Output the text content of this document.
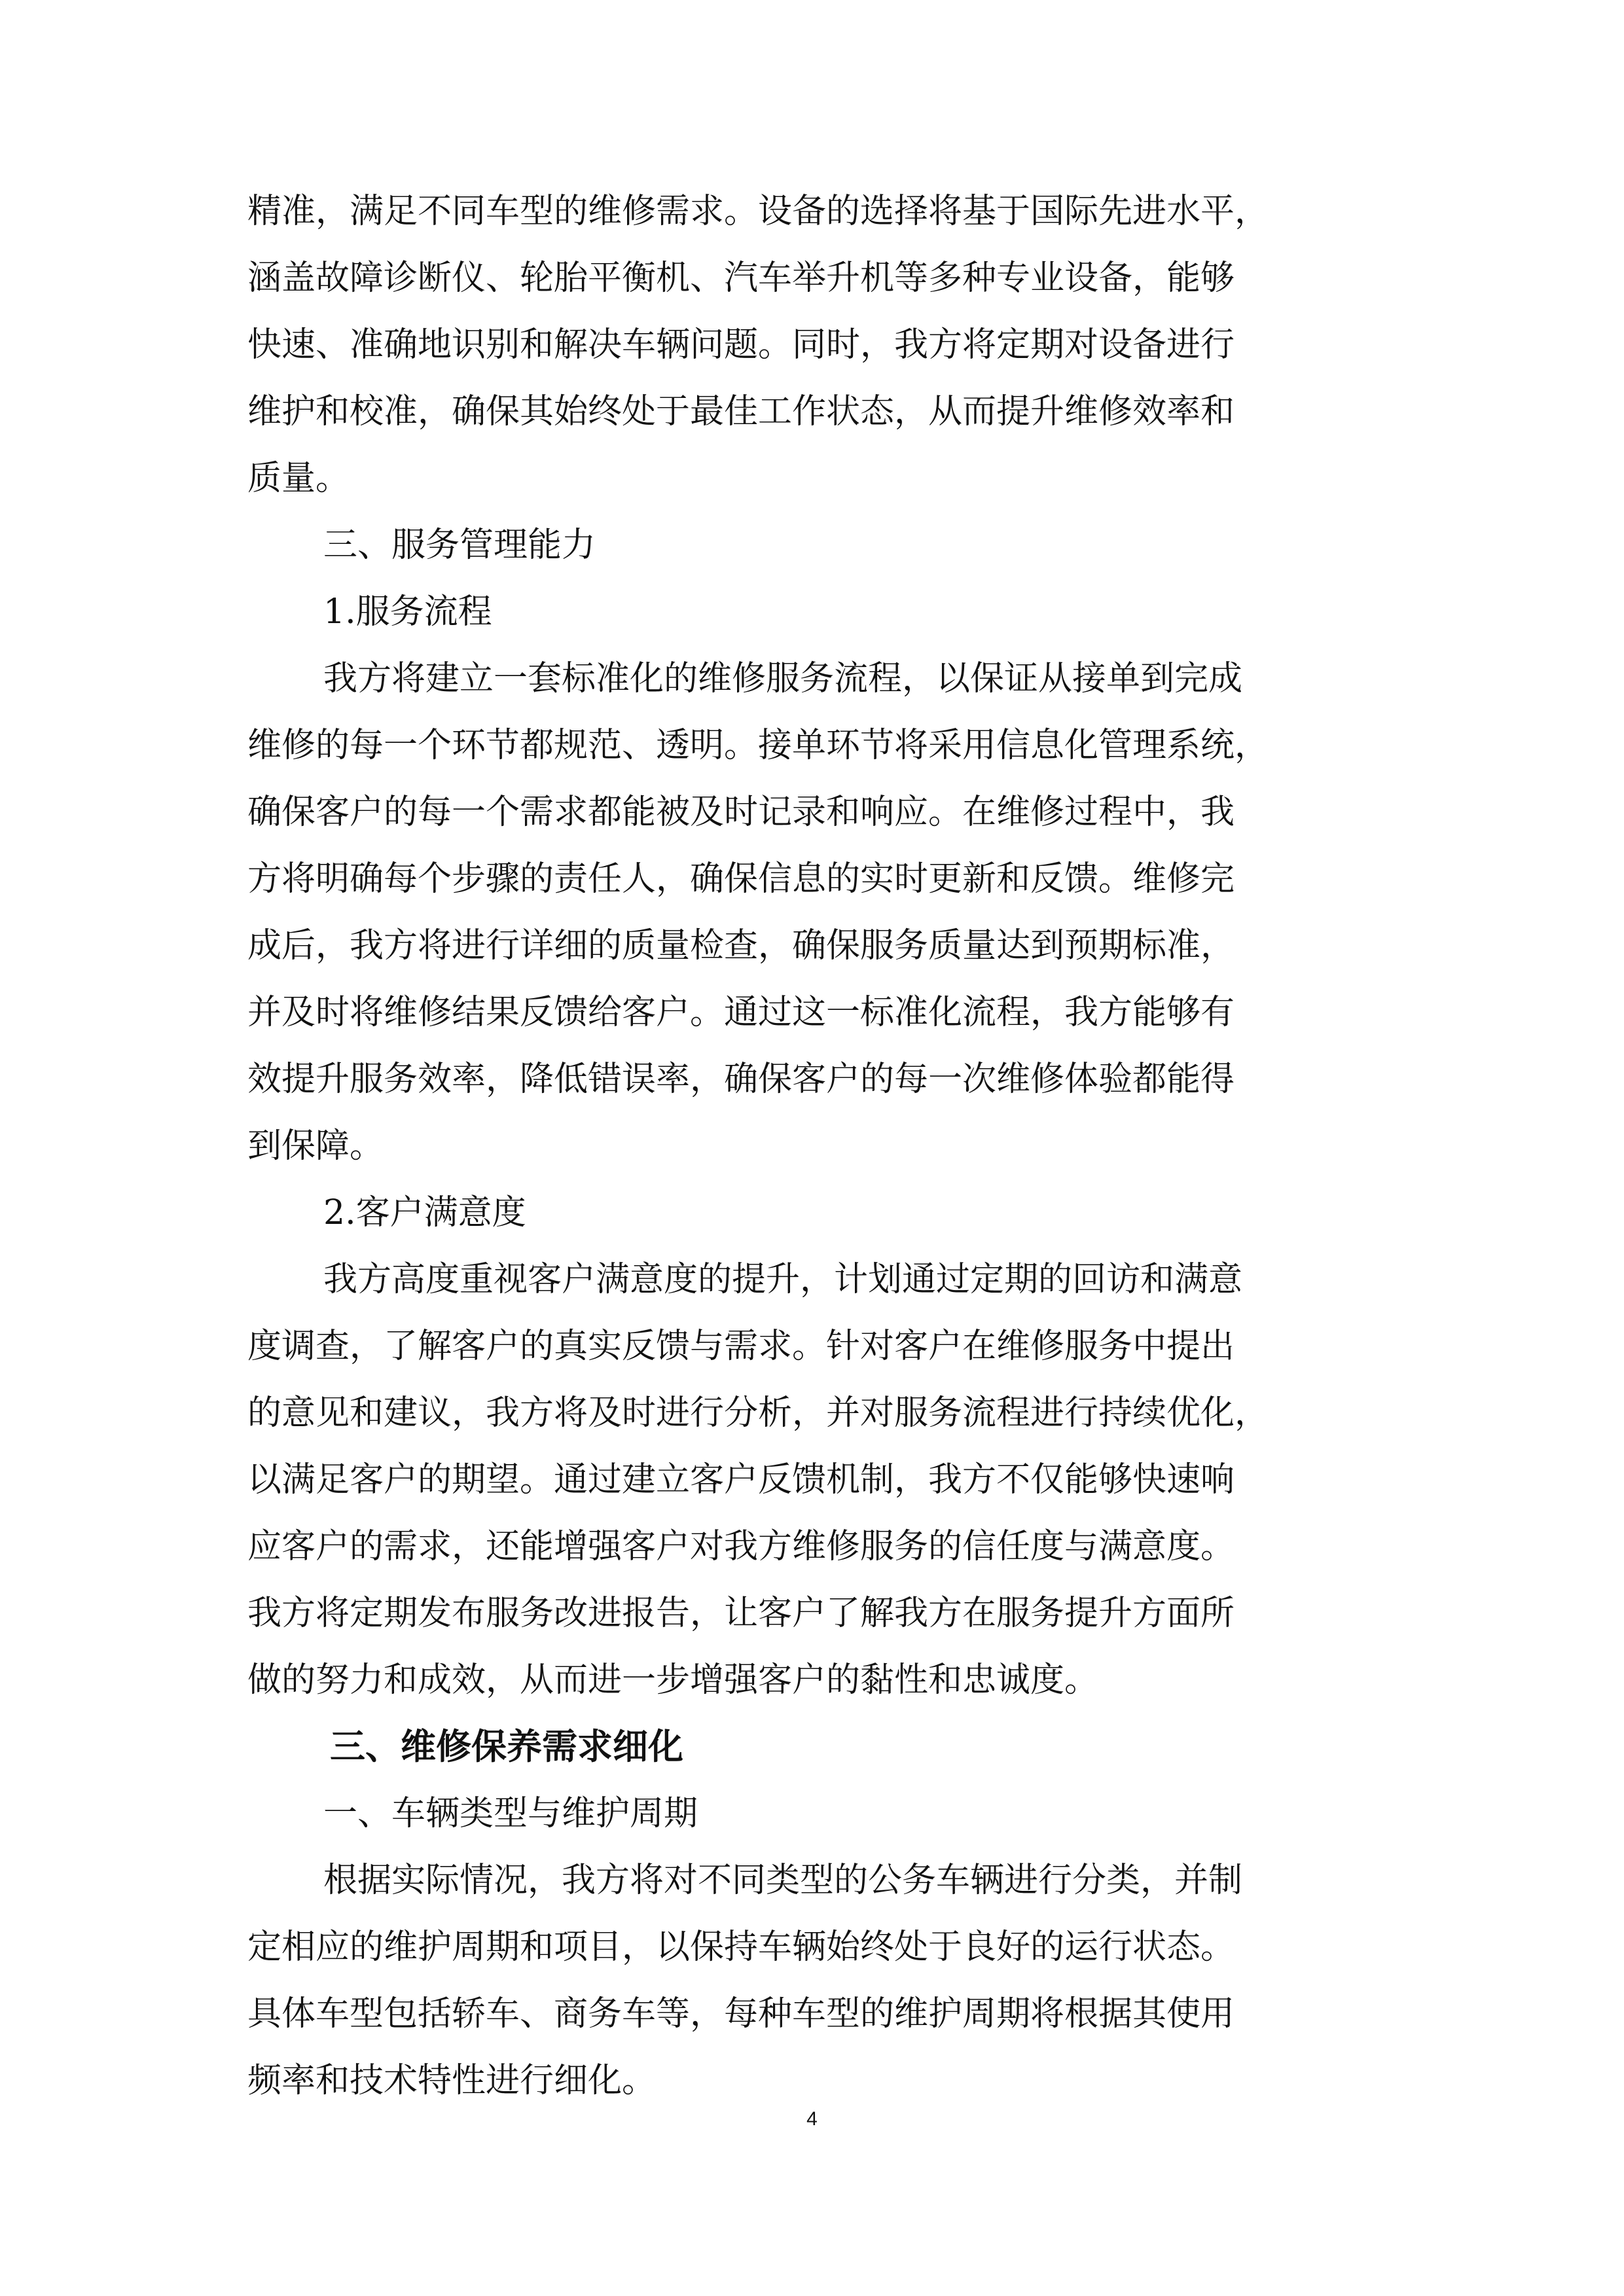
精准，满足不同车型的维修需求。设备的选择将基于国际先进水平，
涵盖故障诊断仪、轮胎平衡机、汽车举升机等多种专业设备，能够
快速、准确地识别和解决车辆问题。同时，我方将定期对设备进行
维护和校准，确保其始终处于最佳工作状态，从而提升维修效率和
质量。
三、服务管理能力
1.服务流程
我方将建立一套标准化的维修服务流程，以保证从接单到完成
维修的每一个环节都规范、透明。接单环节将采用信息化管理系统，
确保客户的每一个需求都能被及时记录和响应。在维修过程中，我
方将明确每个步骤的责任人，确保信息的实时更新和反馈。维修完
成后，我方将进行详细的质量检查，确保服务质量达到预期标准，
并及时将维修结果反馈给客户。通过这一标准化流程，我方能够有
效提升服务效率，降低错误率，确保客户的每一次维修体验都能得
到保障。
2.客户满意度
我方高度重视客户满意度的提升，计划通过定期的回访和满意
度调查，了解客户的真实反馈与需求。针对客户在维修服务中提出
的意见和建议，我方将及时进行分析，并对服务流程进行持续优化，
以满足客户的期望。通过建立客户反馈机制，我方不仅能够快速响
应客户的需求，还能增强客户对我方维修服务的信任度与满意度。
我方将定期发布服务改进报告，让客户了解我方在服务提升方面所
做的努力和成效，从而进一步增强客户的黏性和忠诚度。
三、维修保养需求细化
一、车辆类型与维护周期
根据实际情况，我方将对不同类型的公务车辆进行分类，并制
定相应的维护周期和项目，以保持车辆始终处于良好的运行状态。
具体车型包括轿车、商务车等，每种车型的维护周期将根据其使用
频率和技术特性进行细化。
4
